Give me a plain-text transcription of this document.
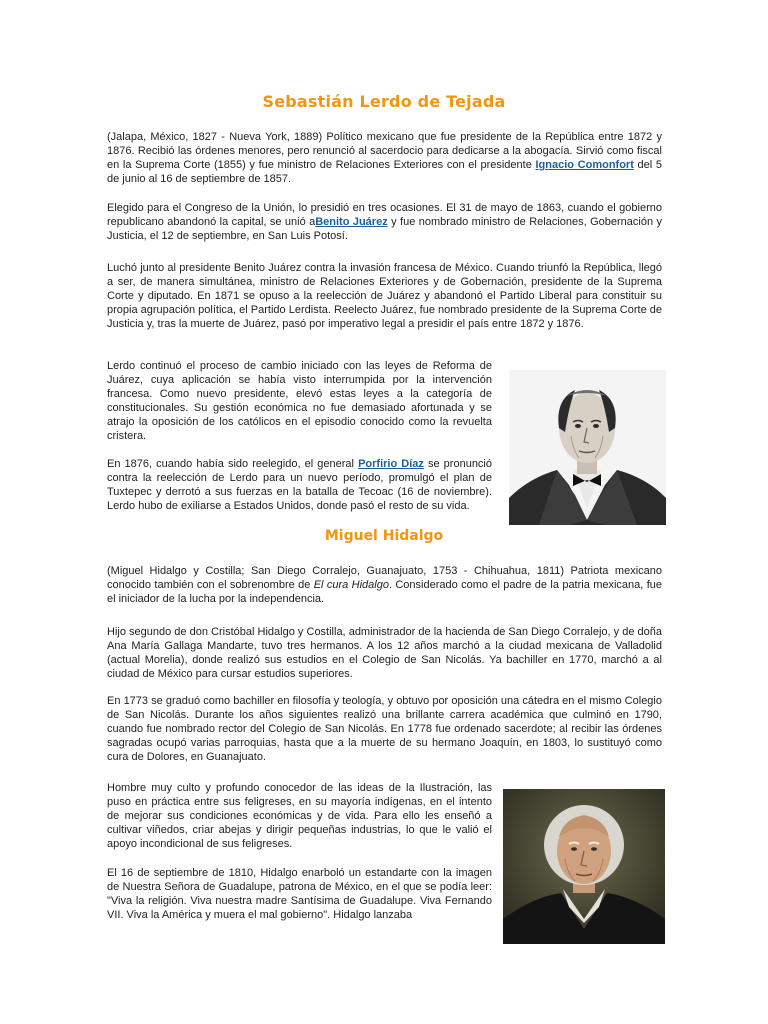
Sebastián Lerdo de Tejada

(Jalapa, México, 1827 - Nueva York, 1889) Político mexicano que fue presidente de la República entre 1872 y 1876. Recibió las órdenes menores, pero renunció al sacerdocio para dedicarse a la abogacía. Sirvió como fiscal en la Suprema Corte (1855) y fue ministro de Relaciones Exteriores con el presidente Ignacio Comonfort del 5 de junio al 16 de septiembre de 1857.

Elegido para el Congreso de la Unión, lo presidió en tres ocasiones. El 31 de mayo de 1863, cuando el gobierno republicano abandonó la capital, se unió aBenito Juárez y fue nombrado ministro de Relaciones, Gobernación y Justicia, el 12 de septiembre, en San Luis Potosí.

Luchó junto al presidente Benito Juárez contra la invasión francesa de México. Cuando triunfó la República, llegó a ser, de manera simultánea, ministro de Relaciones Exteriores y de Gobernación, presidente de la Suprema Corte y diputado. En 1871 se opuso a la reelección de Juárez y abandonó el Partido Liberal para constituir su propia agrupación política, el Partido Lerdista. Reelecto Juárez, fue nombrado presidente de la Suprema Corte de Justicia y, tras la muerte de Juárez, pasó por imperativo legal a presidir el país entre 1872 y 1876.

Lerdo continuó el proceso de cambio iniciado con las leyes de Reforma de Juárez, cuya aplicación se había visto interrumpida por la intervención francesa. Como nuevo presidente, elevó estas leyes a la categoría de constitucionales. Su gestión económica no fue demasiado afortunada y se atrajo la oposición de los católicos en el episodio conocido como la revuelta cristera.

En 1876, cuando había sido reelegido, el general Porfirio Díaz se pronunció contra la reelección de Lerdo para un nuevo período, promulgó el plan de Tuxtepec y derrotó a sus fuerzas en la batalla de Tecoac (16 de noviembre). Lerdo hubo de exiliarse a Estados Unidos, donde pasó el resto de su vida.

Miguel Hidalgo

(Miguel Hidalgo y Costilla; San Diego Corralejo, Guanajuato, 1753 - Chihuahua, 1811) Patriota mexicano conocido también con el sobrenombre de El cura Hidalgo. Considerado como el padre de la patria mexicana, fue el iniciador de la lucha por la independencia.

Hijo segundo de don Cristóbal Hidalgo y Costilla, administrador de la hacienda de San Diego Corralejo, y de doña Ana María Gallaga Mandarte, tuvo tres hermanos. A los 12 años marchó a la ciudad mexicana de Valladolid (actual Morelia), donde realizó sus estudios en el Colegio de San Nicolás. Ya bachiller en 1770, marchó a al ciudad de México para cursar estudios superiores.

En 1773 se graduó como bachiller en filosofía y teología, y obtuvo por oposición una cátedra en el mismo Colegio de San Nicolás. Durante los años siguientes realizó una brillante carrera académica que culminó en 1790, cuando fue nombrado rector del Colegio de San Nicolás. En 1778 fue ordenado sacerdote; al recibir las órdenes sagradas ocupó varias parroquias, hasta que a la muerte de su hermano Joaquín, en 1803, lo sustituyó como cura de Dolores, en Guanajuato.

Hombre muy culto y profundo conocedor de las ideas de la Ilustración, las puso en práctica entre sus feligreses, en su mayoría indígenas, en el intento de mejorar sus condiciones económicas y de vida. Para ello les enseñó a cultivar viñedos, criar abejas y dirigir pequeñas industrias, lo que le valió el apoyo incondicional de sus feligreses.

El 16 de septiembre de 1810, Hidalgo enarboló un estandarte con la imagen de Nuestra Señora de Guadalupe, patrona de México, en el que se podía leer: "Viva la religión. Viva nuestra madre Santísima de Guadalupe. Viva Fernando VII. Viva la América y muera el mal gobierno". Hidalgo lanzaba
